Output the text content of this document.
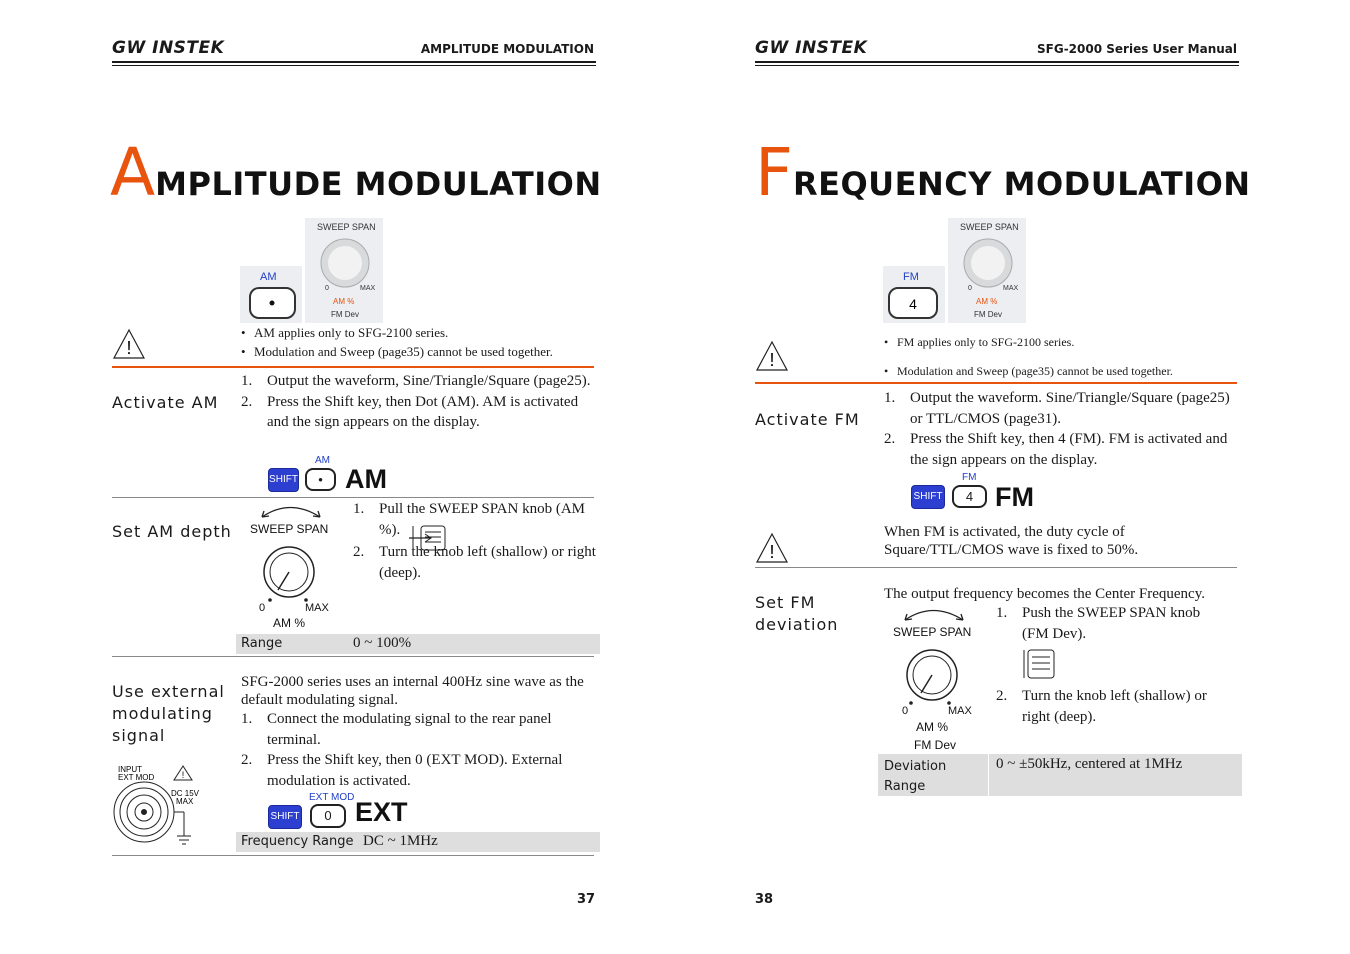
GW INSTEK	AMPLITUDE MODULATION
AMPLITUDE MODULATION
AM
SWEEP SPAN
0	MAX
AM %
FM Dev
!
• AM applies only to SFG-2100 series.
• Modulation and Sweep (page35) cannot be used together.
Activate AM
1. Output the waveform, Sine/Triangle/Square (page25).
2. Press the Shift key, then Dot (AM). AM is activated and the sign appears on the display.
SHIFT
AM
• AM
Set AM depth SWEEP SPAN
0	MAX
AM %
1. Pull the SWEEP SPAN knob (AM %).
2. Turn the knob left (shallow) or right (deep).
Range	0 ~ 100%
Use external
modulating
signal
SFG-2000 series uses an internal 400Hz sine wave as the default modulating signal.
1. Connect the modulating signal to the rear panel terminal.
2. Press the Shift key, then 0 (EXT MOD). External modulation is activated.
INPUT
EXT MOD	!
DC 15V
MAX
SHIFT
EXT MOD
0 EXT
Frequency Range DC ~ 1MHz
37
GW INSTEK	SFG-2000 Series User Manual
FREQUENCY MODULATION
FM
4
SWEEP SPAN
0	MAX
AM %
FM Dev
!
• FM applies only to SFG-2100 series.
• Modulation and Sweep (page35) cannot be used together.
Activate FM
1. Output the waveform. Sine/Triangle/Square (page25) or TTL/CMOS (page31).
2. Press the Shift key, then 4 (FM). FM is activated and the sign appears on the display.
SHIFT
FM
4 FM
!
When FM is activated, the duty cycle of Square/TTL/CMOS wave is fixed to 50%.
Set FM
deviation
The output frequency becomes the Center Frequency.
SWEEP SPAN
0	MAX
AM %
FM Dev
1. Push the SWEEP SPAN knob (FM Dev).
2. Turn the knob left (shallow) or right (deep).
Deviation
Range
0 ~ ±50kHz, centered at 1MHz
38
